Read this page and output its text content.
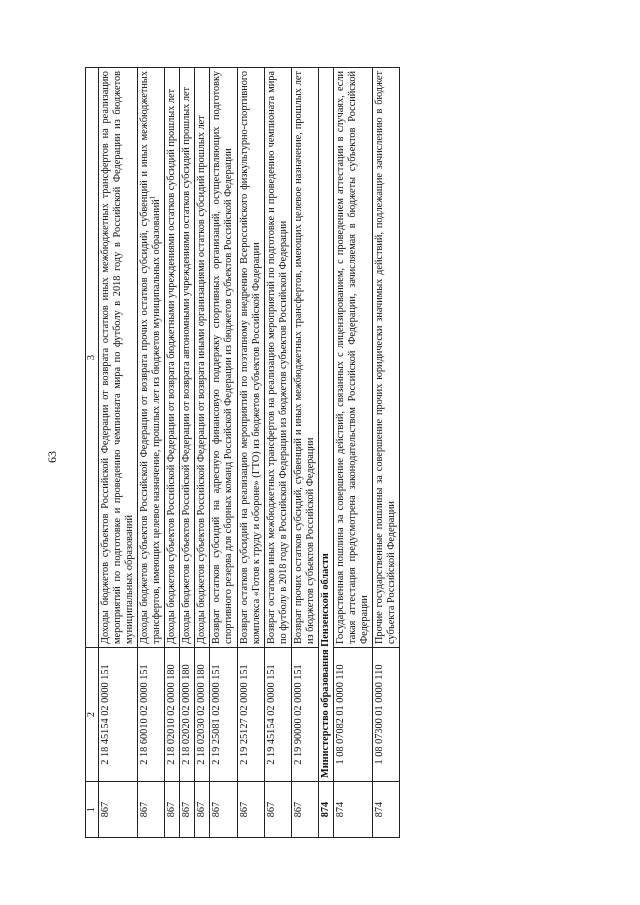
63
1	2	3
867	2 18 45154 02 0000 151	Доходы бюджетов субъектов Российской Федерации от возврата остатков иных межбюджетных трансфертов на реализацию мероприятий по подготовке и проведению чемпионата мира по футболу в 2018 году в Российской Федерации из бюджетов муниципальных образований
867	2 18 60010 02 0000 151	Доходы бюджетов субъектов Российской Федерации от возврата прочих остатков субсидий, субвенций и иных межбюджетных трансфертов, имеющих целевое назначение, прошлых лет из бюджетов муниципальных образований$^1$
867	2 18 02010 02 0000 180	Доходы бюджетов субъектов Российской Федерации от возврата бюджетными учреждениями остатков субсидий прошлых лет
867	2 18 02020 02 0000 180	Доходы бюджетов субъектов Российской Федерации от возврата автономными учреждениями остатков субсидий прошлых лет
867	2 18 02030 02 0000 180	Доходы бюджетов субъектов Российской Федерации от возврата иными организациями остатков субсидий прошлых лет
867	2 19 25081 02 0000 151	Возврат остатков субсидий на адресную финансовую поддержку спортивных организаций, осуществляющих подготовку спортивного резерва для сборных команд Российской Федерации из бюджетов субъектов Российской Федерации
867	2 19 25127 02 0000 151	Возврат остатков субсидий на реализацию мероприятий по поэтапному внедрению Всероссийского физкультурно-спортивного комплекса «Готов к труду и обороне» (ГТО) из бюджетов субъектов Российской Федерации
867	2 19 45154 02 0000 151	Возврат остатков иных межбюджетных трансфертов на реализацию мероприятий по подготовке и проведению чемпионата мира по футболу в 2018 году в Российской Федерации из бюджетов субъектов Российской Федерации
867	2 19 90000 02 0000 151	Возврат прочих остатков субсидий, субвенций и иных межбюджетных трансфертов, имеющих целевое назначение, прошлых лет из бюджетов субъектов Российской Федерации
874	Министерство образования Пензенской области	
874	1 08 07082 01 0000 110	Государственная пошлина за совершение действий, связанных с лицензированием, с проведением аттестации в случаях, если такая аттестация предусмотрена законодательством Российской Федерации, зачисляемая в бюджеты субъектов Российской Федерации
874	1 08 07300 01 0000 110	Прочие государственные пошлины за совершение прочих юридически значимых действий, подлежащие зачислению в бюджет субъекта Российской Федерации
